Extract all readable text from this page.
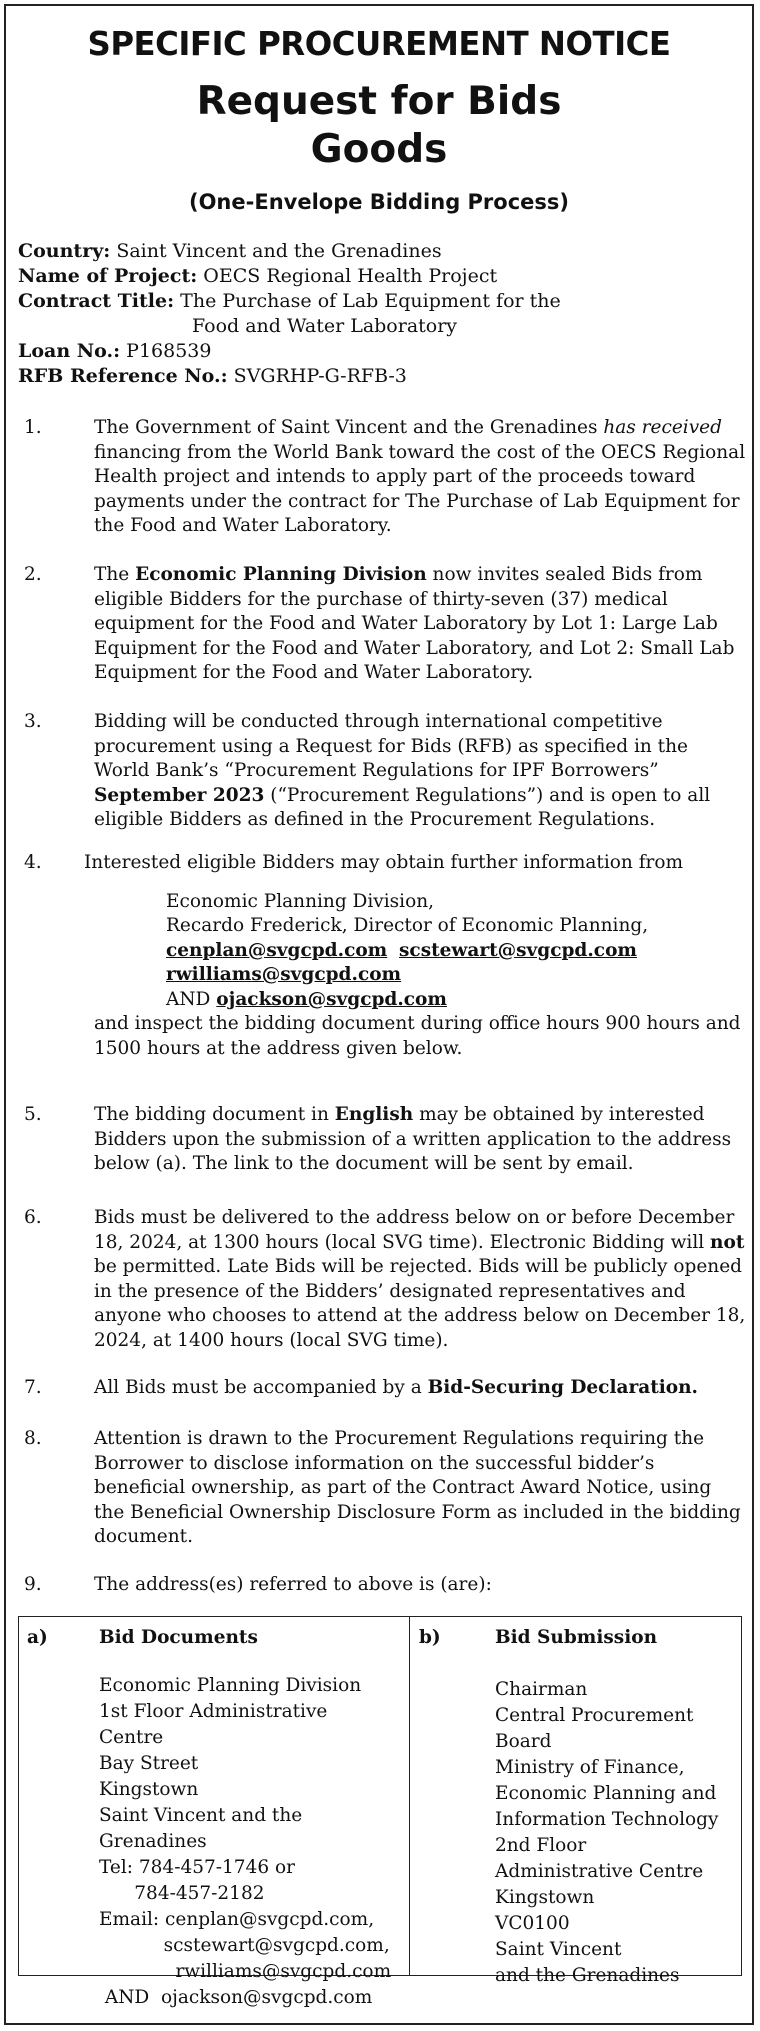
SPECIFIC PROCUREMENT NOTICE
Request for Bids
Goods
(One-Envelope Bidding Process)
Country: Saint Vincent and the Grenadines
Name of Project: OECS Regional Health Project
Contract Title: The Purchase of Lab Equipment for the
Food and Water Laboratory
Loan No.: P168539
RFB Reference No.: SVGRHP-G-RFB-3
1.	The Government of Saint Vincent and the Grenadines has received financing from the World Bank toward the cost of the OECS Regional Health project and intends to apply part of the proceeds toward payments under the contract for The Purchase of Lab Equipment for the Food and Water Laboratory.
2.	The Economic Planning Division now invites sealed Bids from eligible Bidders for the purchase of thirty-seven (37) medical equipment for the Food and Water Laboratory by Lot 1: Large Lab Equipment for the Food and Water Laboratory, and Lot 2: Small Lab Equipment for the Food and Water Laboratory.
3.	Bidding will be conducted through international competitive procurement using a Request for Bids (RFB) as specified in the World Bank’s “Procurement Regulations for IPF Borrowers” September 2023 (“Procurement Regulations”) and is open to all eligible Bidders as defined in the Procurement Regulations.
4. Interested eligible Bidders may obtain further information from
Economic Planning Division,
Recardo Frederick, Director of Economic Planning,
cenplan@svgcpd.com scstewart@svgcpd.com
rwilliams@svgcpd.com
AND ojackson@svgcpd.com
and inspect the bidding document during office hours 900 hours and 1500 hours at the address given below.
5.	The bidding document in English may be obtained by interested Bidders upon the submission of a written application to the address below (a). The link to the document will be sent by email.
6.	Bids must be delivered to the address below on or before December 18, 2024, at 1300 hours (local SVG time). Electronic Bidding will not be permitted. Late Bids will be rejected. Bids will be publicly opened in the presence of the Bidders’ designated representatives and anyone who chooses to attend at the address below on December 18, 2024, at 1400 hours (local SVG time).
7.	All Bids must be accompanied by a Bid-Securing Declaration.
8.	Attention is drawn to the Procurement Regulations requiring the Borrower to disclose information on the successful bidder’s beneficial ownership, as part of the Contract Award Notice, using the Beneficial Ownership Disclosure Form as included in the bidding document.
9.	The address(es) referred to above is (are):
a)	Bid Documents
Economic Planning Division
1st Floor Administrative
Centre
Bay Street
Kingstown
Saint Vincent and the
Grenadines
Tel: 784-457-1746 or
784-457-2182
Email: cenplan@svgcpd.com,
scstewart@svgcpd.com,
rwilliams@svgcpd.com
AND  ojackson@svgcpd.com
b)	Bid Submission
Chairman
Central Procurement
Board
Ministry of Finance,
Economic Planning and
Information Technology
2nd Floor
Administrative Centre
Kingstown
VC0100
Saint Vincent
and the Grenadines
